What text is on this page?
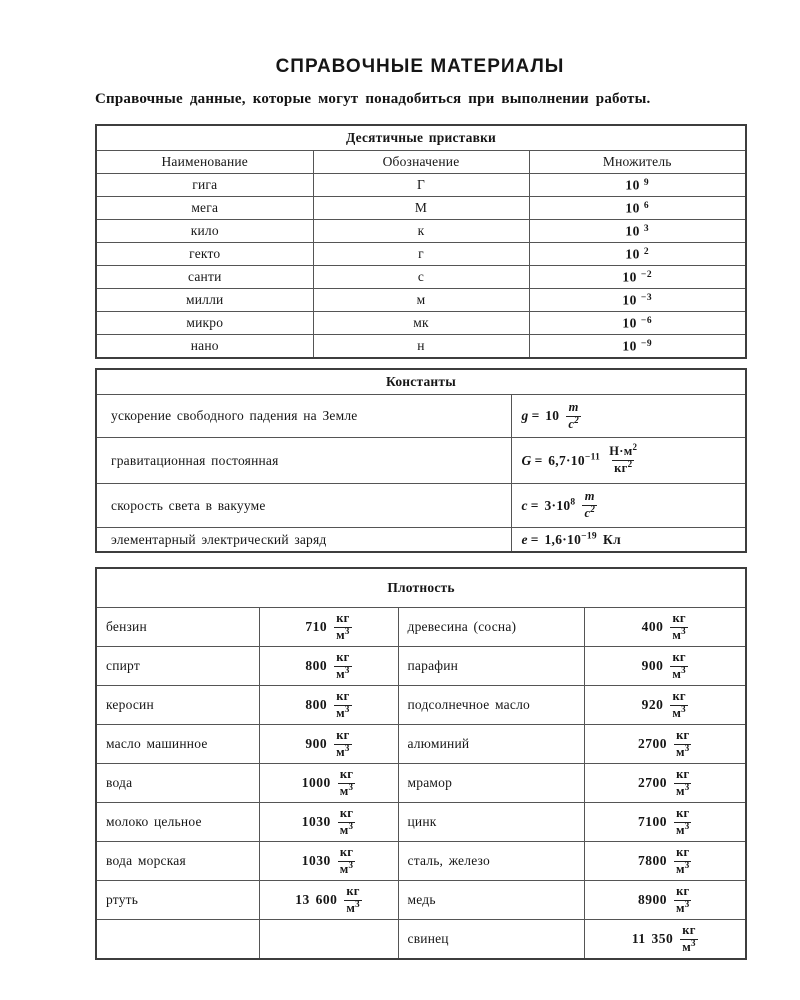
СПРАВОЧНЫЕ МАТЕРИАЛЫ

Справочные данные, которые могут понадобиться при выполнении работы.

Десятичные приставки		
Наименование	Обозначение	Множитель
гига	Г	10 $^9$
мега	М	10 $^6$
кило	к	10 $^3$
гекто	г	10 $^2$
санти	с	10 $^{-2}$
милли	м	10 $^{-3}$
микро	мк	10 $^{-6}$
нано	н	10 $^{-9}$
Константы	
ускорение свободного падения на Земле	$g = 10 \frac{m}{c^2}$

гравитационная постоянная	$G = 6,7\cdot 10^{-11} \frac{Н\cdot м^2}{кг^2}$

скорость света в вакууме	$c = 3\cdot 10^8 \frac{m}{c^2}$

элементарный электрический заряд	$e = 1,6\cdot 10^{-19}$ Кл
Плотность			
бензин	$710 \frac{кг}{м^3}$	древесина (сосна)	$400 \frac{кг}{м^3}$

спирт	$800 \frac{кг}{м^3}$	парафин	$900 \frac{кг}{м^3}$

керосин	$800 \frac{кг}{м^3}$	подсолнечное масло	$920 \frac{кг}{м^3}$

масло машинное	$900 \frac{кг}{м^3}$	алюминий	$2700 \frac{кг}{м^3}$

вода	$1000 \frac{кг}{м^3}$	мрамор	$2700 \frac{кг}{м^3}$

молоко цельное	$1030 \frac{кг}{м^3}$	цинк	$7100 \frac{кг}{м^3}$

вода морская	$1030 \frac{кг}{м^3}$	сталь, железо	$7800 \frac{кг}{м^3}$

ртуть	13 $600 \frac{кг}{м^3}$	медь	$8900 \frac{кг}{м^3}$

		свинец	11 $350 \frac{кг}{м^3}$
